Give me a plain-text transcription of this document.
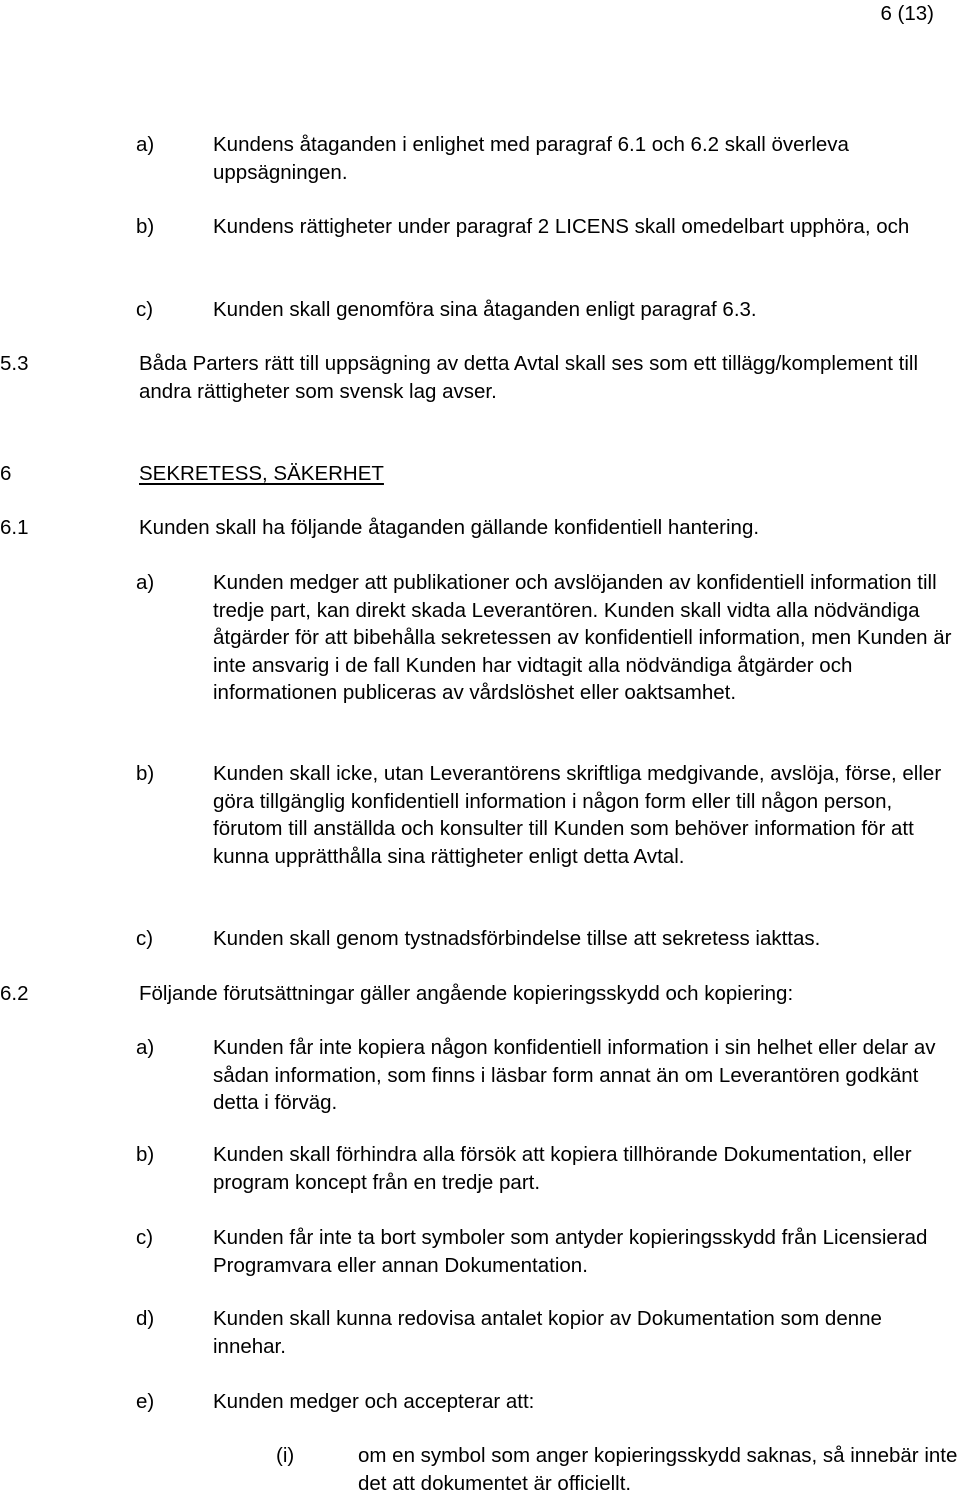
6 (13)
a)	Kundens åtaganden i enlighet med paragraf 6.1 och 6.2 skall överleva uppsägningen.
b)	Kundens rättigheter under paragraf 2 LICENS skall omedelbart upphöra, och
c)	Kunden skall genomföra sina åtaganden enligt paragraf 6.3.
5.3	Båda Parters rätt till uppsägning av detta Avtal skall ses som ett tillägg/komplement till andra rättigheter som svensk lag avser.
6	SEKRETESS, SÄKERHET
6.1	Kunden skall ha följande åtaganden gällande konfidentiell hantering.
a)	Kunden medger att publikationer och avslöjanden av konfidentiell information till tredje part, kan direkt skada Leverantören. Kunden skall vidta alla nödvändiga åtgärder för att bibehålla sekretessen av konfidentiell information, men Kunden är inte ansvarig i de fall Kunden har vidtagit alla nödvändiga åtgärder och informationen publiceras av vårdslöshet eller oaktsamhet.
b)	Kunden skall icke, utan Leverantörens skriftliga medgivande, avslöja, förse, eller göra tillgänglig konfidentiell information i någon form eller till någon person, förutom till anställda och konsulter till Kunden som behöver information för att kunna upprätthålla sina rättigheter enligt detta Avtal.
c)	Kunden skall genom tystnadsförbindelse tillse att sekretess iakttas.
6.2	Följande förutsättningar gäller angående kopieringsskydd och kopiering:
a)	Kunden får inte kopiera någon konfidentiell information i sin helhet eller delar av sådan information, som finns i läsbar form annat än om Leverantören godkänt detta i förväg.
b)	Kunden skall förhindra alla försök att kopiera tillhörande Dokumentation, eller program koncept från en tredje part.
c)	Kunden får inte ta bort symboler som antyder kopieringsskydd från Licensierad Programvara eller annan Dokumentation.
d)	Kunden skall kunna redovisa antalet kopior av Dokumentation som denne innehar.
e)	Kunden medger och accepterar att:
(i)	om en symbol som anger kopieringsskydd saknas, så innebär inte det att dokumentet är officiellt.
